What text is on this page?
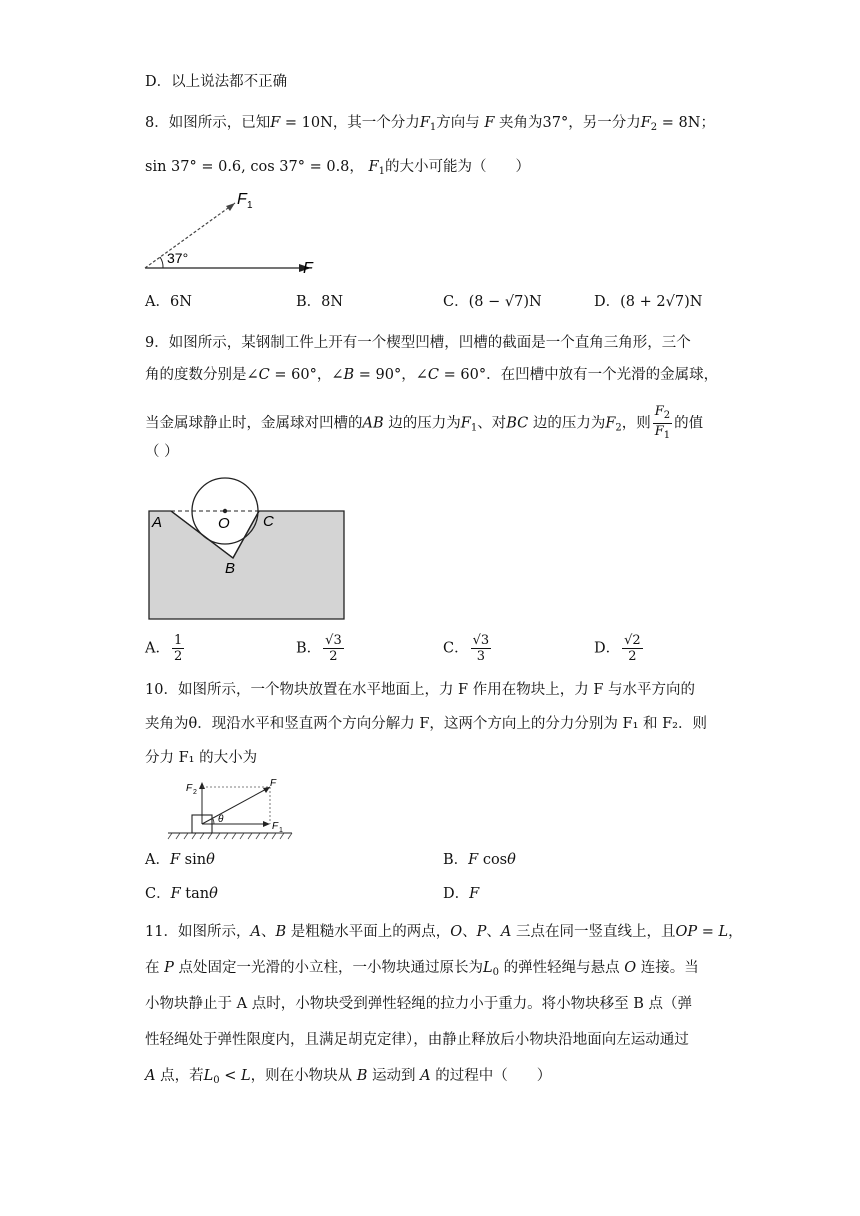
D．以上说法都不正确
8．如图所示，已知F = 10N，其一个分力$F_1$方向与 F 夹角为37°，另一分力$F_2 = 8N$；
sin 37° = 0.6, cos 37° = 0.8， $F_1$的大小可能为（　　）
37°
F 1
F
A．6N	B．8N	C．(8 − √7)N	D．(8 + 2√7)N
9．如图所示，某钢制工件上开有一个楔型凹槽，凹槽的截面是一个直角三角形，三个
角的度数分别是∠C = 60°，∠B = 90°，∠C = 60°．在凹槽中放有一个光滑的金属球，
当金属球静止时，金属球对凹槽的AB 边的压力为$F_1$、对BC 边的压力为$F_2$，则 $\frac{F_2}{F_1}$ 的值
（ ）
A	O C
B
A． $\frac{1}{2}$	B． $\frac{√3}{2}$	C． $\frac{√3}{3}$	D． $\frac{√2}{2}$
10．如图所示，一个物块放置在水平地面上，力 F 作用在物块上，力 F 与水平方向的
夹角为θ．现沿水平和竖直两个方向分解力 F，这两个方向上的分力分别为 F₁ 和 F₂．则
分力 F₁ 的大小为
F 2
F
θ
F 1
A．F sinθ	B．F cosθ
C．F tanθ	D．F
11．如图所示，A、B 是粗糙水平面上的两点，O、P、A 三点在同一竖直线上，且OP = L，
在 P 点处固定一光滑的小立柱，一小物块通过原长为$L_0$ 的弹性轻绳与悬点 O 连接。当
小物块静止于 A 点时，小物块受到弹性轻绳的拉力小于重力。将小物块移至 B 点（弹
性轻绳处于弹性限度内，且满足胡克定律），由静止释放后小物块沿地面向左运动通过
A 点，若$L_0 < L$，则在小物块从 B 运动到 A 的过程中（　　）
